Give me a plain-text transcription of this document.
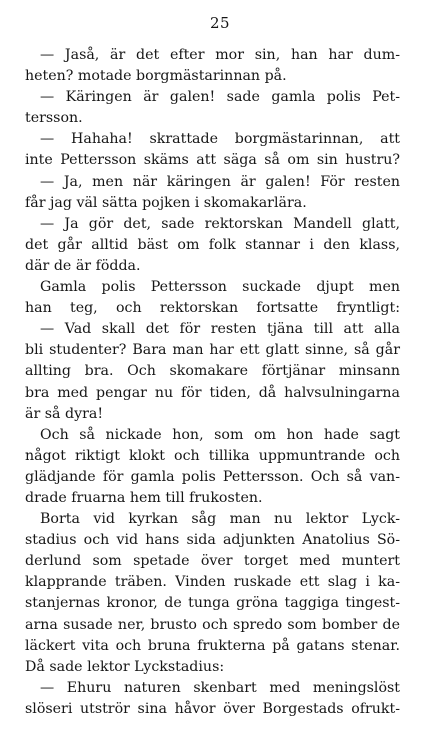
25
— Jaså, är det efter mor sin, han har dum-
heten? motade borgmästarinnan på.
— Käringen är galen! sade gamla polis Pet-
tersson.
— Hahaha! skrattade borgmästarinnan, att
inte Pettersson skäms att säga så om sin hustru?
— Ja, men när käringen är galen! För resten
får jag väl sätta pojken i skomakarlära.
— Ja gör det, sade rektorskan Mandell glatt,
det går alltid bäst om folk stannar i den klass,
där de är födda.
Gamla polis Pettersson suckade djupt men
han teg, och rektorskan fortsatte fryntligt:
— Vad skall det för resten tjäna till att alla
bli studenter? Bara man har ett glatt sinne, så går
allting bra. Och skomakare förtjänar minsann
bra med pengar nu för tiden, då halvsulningarna
är så dyra!
Och så nickade hon, som om hon hade sagt
något riktigt klokt och tillika uppmuntrande och
glädjande för gamla polis Pettersson. Och så van-
drade fruarna hem till frukosten.
Borta vid kyrkan såg man nu lektor Lyck-
stadius och vid hans sida adjunkten Anatolius Sö-
derlund som spetade över torget med muntert
klapprande träben. Vinden ruskade ett slag i ka-
stanjernas kronor, de tunga gröna taggiga tingest-
arna susade ner, brusto och spredo som bomber de
läckert vita och bruna frukterna på gatans stenar.
Då sade lektor Lyckstadius:
— Ehuru naturen skenbart med meningslöst
slöseri utströr sina håvor över Borgestads ofrukt-
